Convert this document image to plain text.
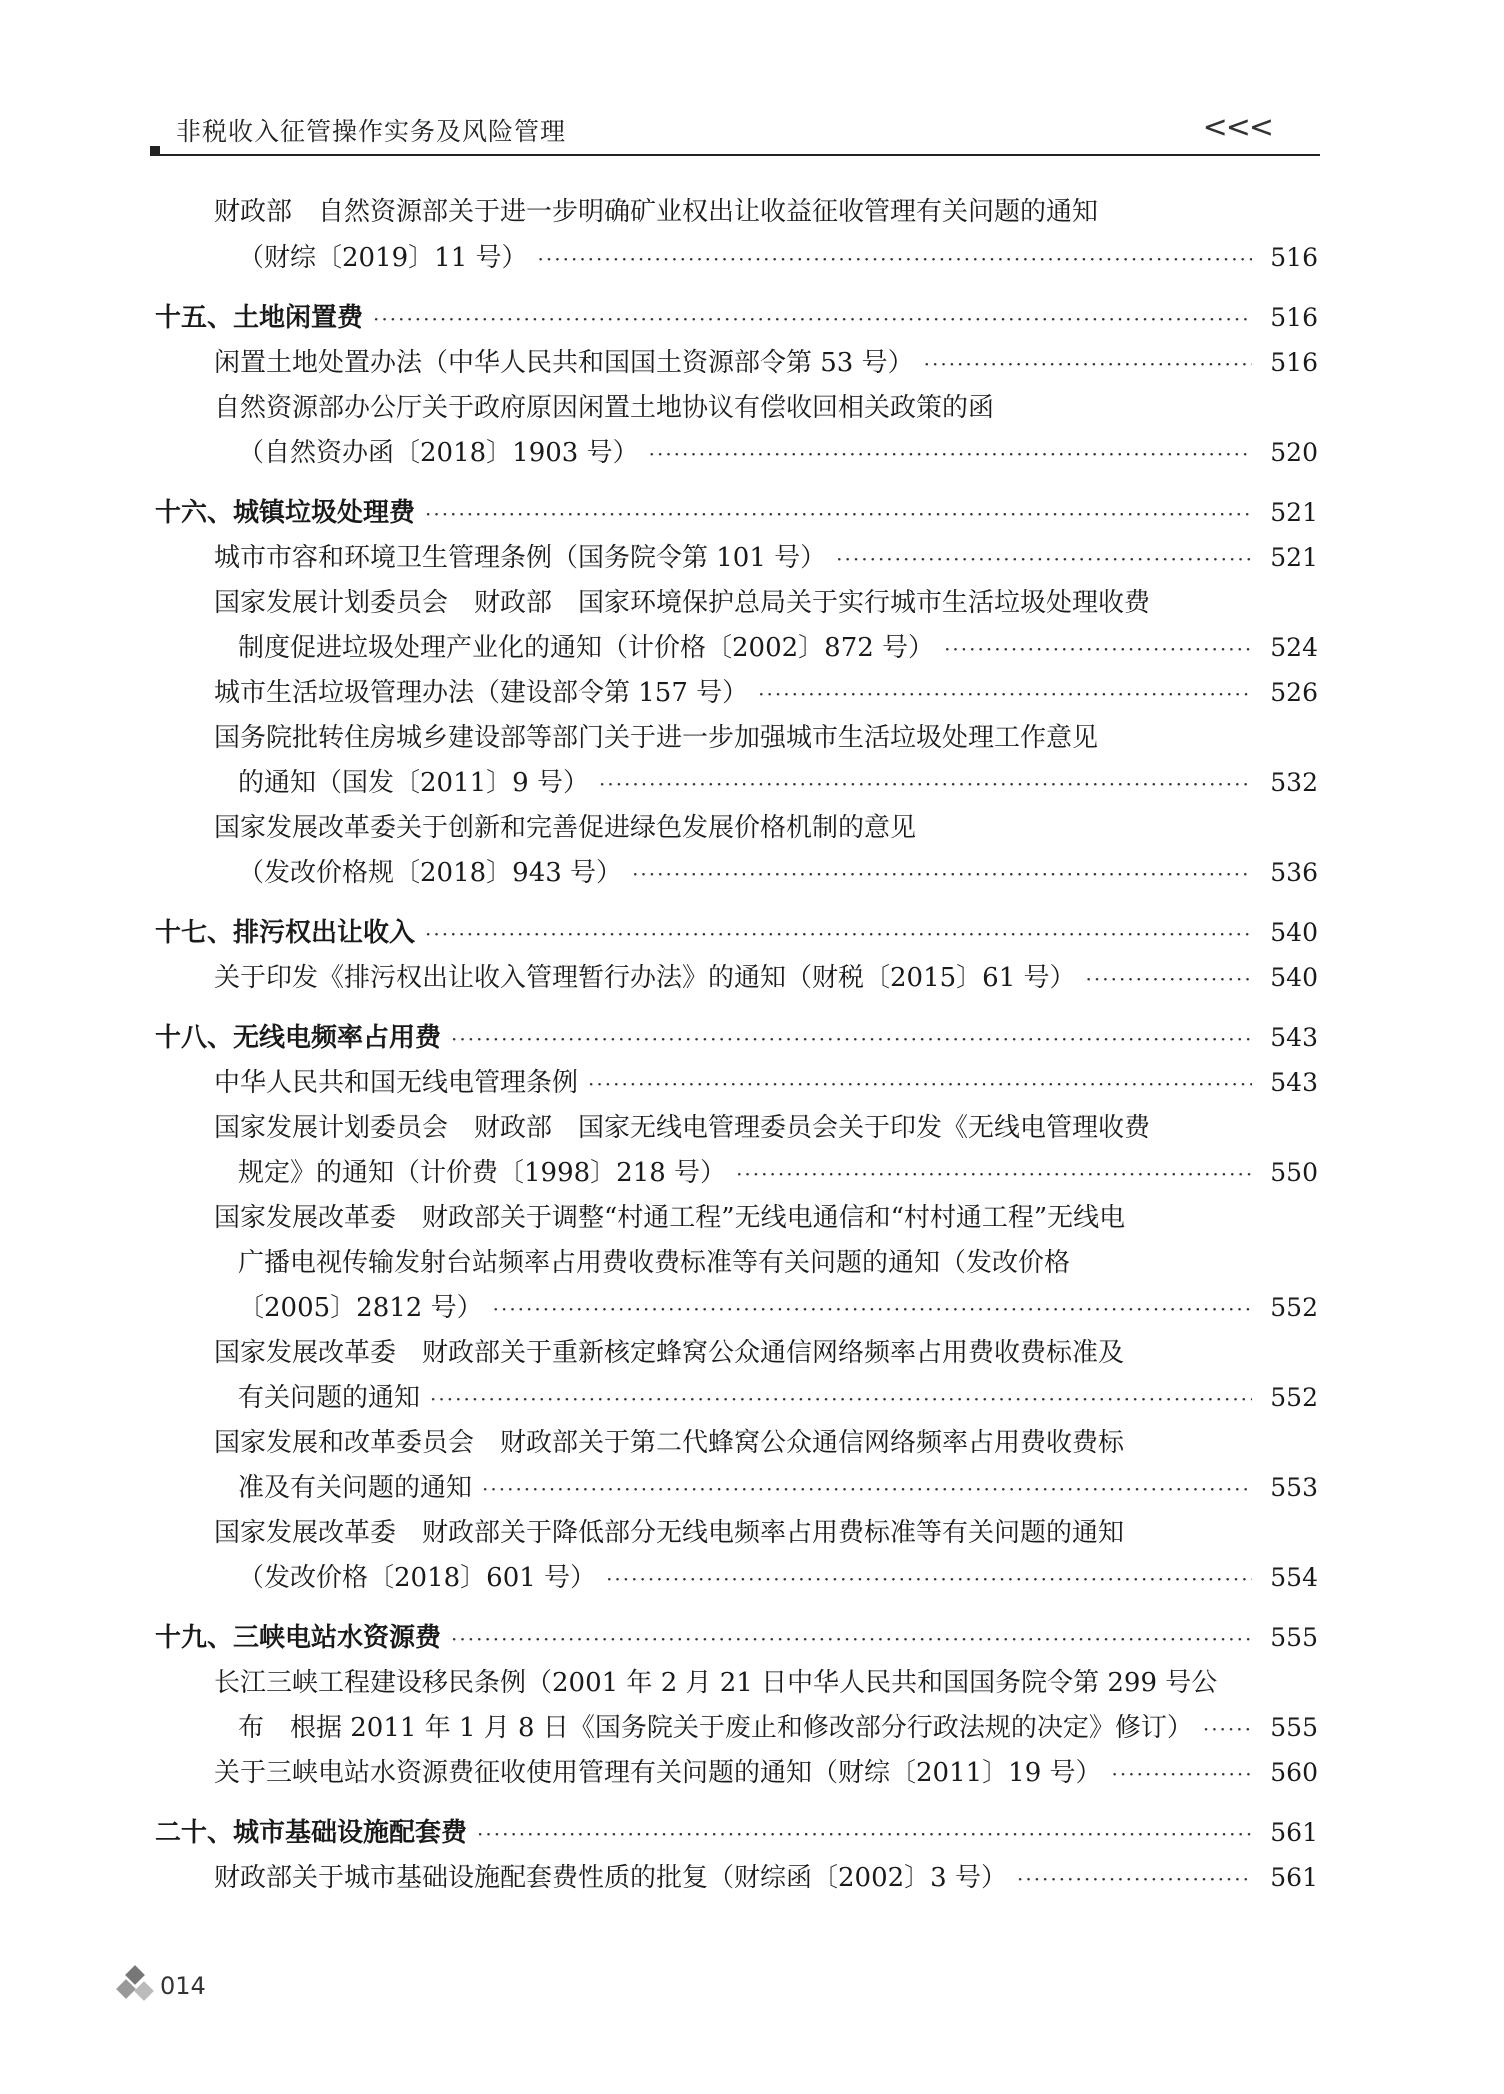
非税收入征管操作实务及风险管理	<<<
财政部　自然资源部关于进一步明确矿业权出让收益征收管理有关问题的通知
（财综〔2019〕11 号） ·····	516
十五、土地闲置费 ·····	516
闲置土地处置办法（中华人民共和国国土资源部令第 53 号） ·····	516
自然资源部办公厅关于政府原因闲置土地协议有偿收回相关政策的函
（自然资办函〔2018〕1903 号） ·····	520
十六、城镇垃圾处理费 ·····	521
城市市容和环境卫生管理条例（国务院令第 101 号） ·····	521
国家发展计划委员会　财政部　国家环境保护总局关于实行城市生活垃圾处理收费
制度促进垃圾处理产业化的通知（计价格〔2002〕872 号） ·····	524
城市生活垃圾管理办法（建设部令第 157 号） ·····	526
国务院批转住房城乡建设部等部门关于进一步加强城市生活垃圾处理工作意见
的通知（国发〔2011〕9 号） ·····	532
国家发展改革委关于创新和完善促进绿色发展价格机制的意见
（发改价格规〔2018〕943 号） ·····	536
十七、排污权出让收入 ·····	540
关于印发《排污权出让收入管理暂行办法》的通知（财税〔2015〕61 号） ·····	540
十八、无线电频率占用费 ·····	543
中华人民共和国无线电管理条例 ·····	543
国家发展计划委员会　财政部　国家无线电管理委员会关于印发《无线电管理收费
规定》的通知（计价费〔1998〕218 号） ·····	550
国家发展改革委　财政部关于调整“村通工程”无线电通信和“村村通工程”无线电
广播电视传输发射台站频率占用费收费标准等有关问题的通知（发改价格
〔2005〕2812 号） ·····	552
国家发展改革委　财政部关于重新核定蜂窝公众通信网络频率占用费收费标准及
有关问题的通知 ·····	552
国家发展和改革委员会　财政部关于第二代蜂窝公众通信网络频率占用费收费标
准及有关问题的通知 ·····	553
国家发展改革委　财政部关于降低部分无线电频率占用费标准等有关问题的通知
（发改价格〔2018〕601 号） ·····	554
十九、三峡电站水资源费 ·····	555
长江三峡工程建设移民条例（2001 年 2 月 21 日中华人民共和国国务院令第 299 号公
布　根据 2011 年 1 月 8 日《国务院关于废止和修改部分行政法规的决定》修订） ·····	555
关于三峡电站水资源费征收使用管理有关问题的通知（财综〔2011〕19 号） ·····	560
二十、城市基础设施配套费 ·····	561
财政部关于城市基础设施配套费性质的批复（财综函〔2002〕3 号） ·····	561
014
